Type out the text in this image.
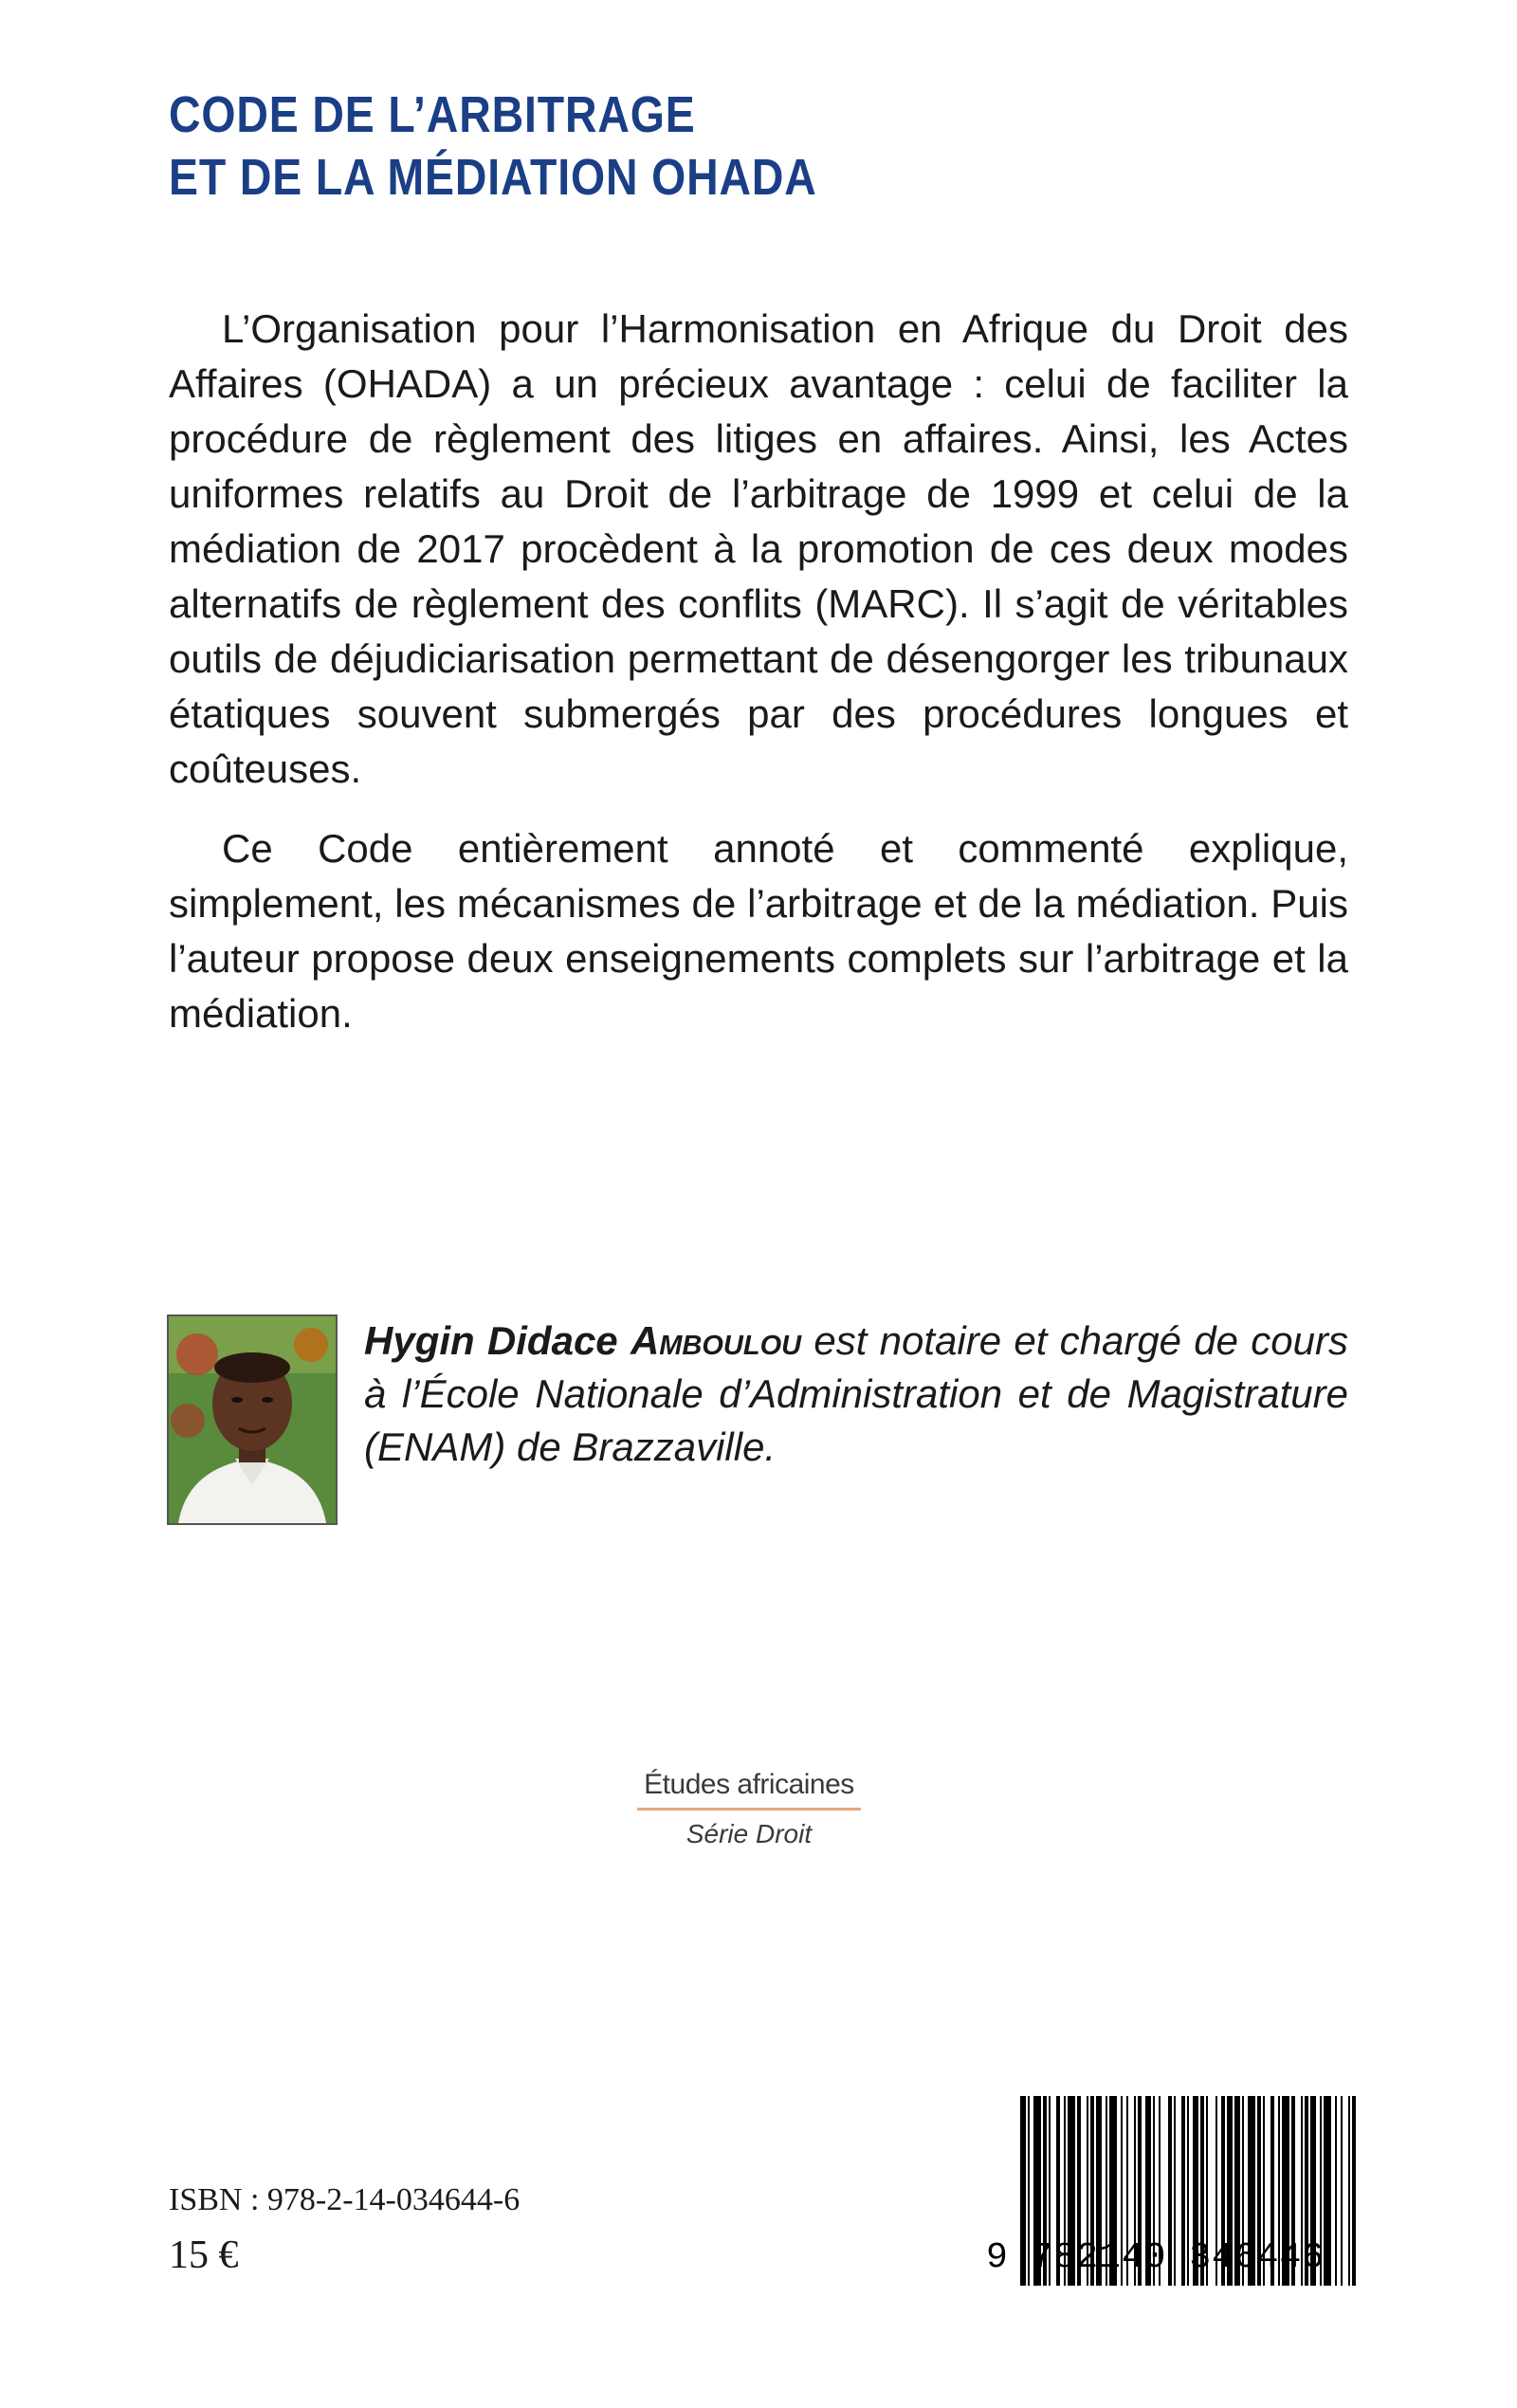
CODE DE L’ARBITRAGE
ET DE LA MÉDIATION OHADA

L’Organisation pour l’Harmonisation en Afrique du Droit des Affaires (OHADA) a un précieux avantage : celui de faciliter la procédure de règlement des litiges en affaires. Ainsi, les Actes uniformes relatifs au Droit de l’arbitrage de 1999 et celui de la médiation de 2017 procèdent à la promotion de ces deux modes alternatifs de règlement des conflits (MARC). Il s’agit de véritables outils de déjudiciarisation permettant de désengorger les tribunaux étatiques souvent submergés par des procédures longues et coûteuses.

Ce Code entièrement annoté et commenté explique, simplement, les mécanismes de l’arbitrage et de la médiation. Puis l’auteur propose deux enseignements complets sur l’arbitrage et la médiation.

Hygin Didace Amboulou est notaire et chargé de cours à l’École Nationale d’Administration et de Magistrature (ENAM) de Brazzaville.

Études africaines
Série Droit
ISBN : 978-2-14-034644-6
15 €	9 782140 346446
